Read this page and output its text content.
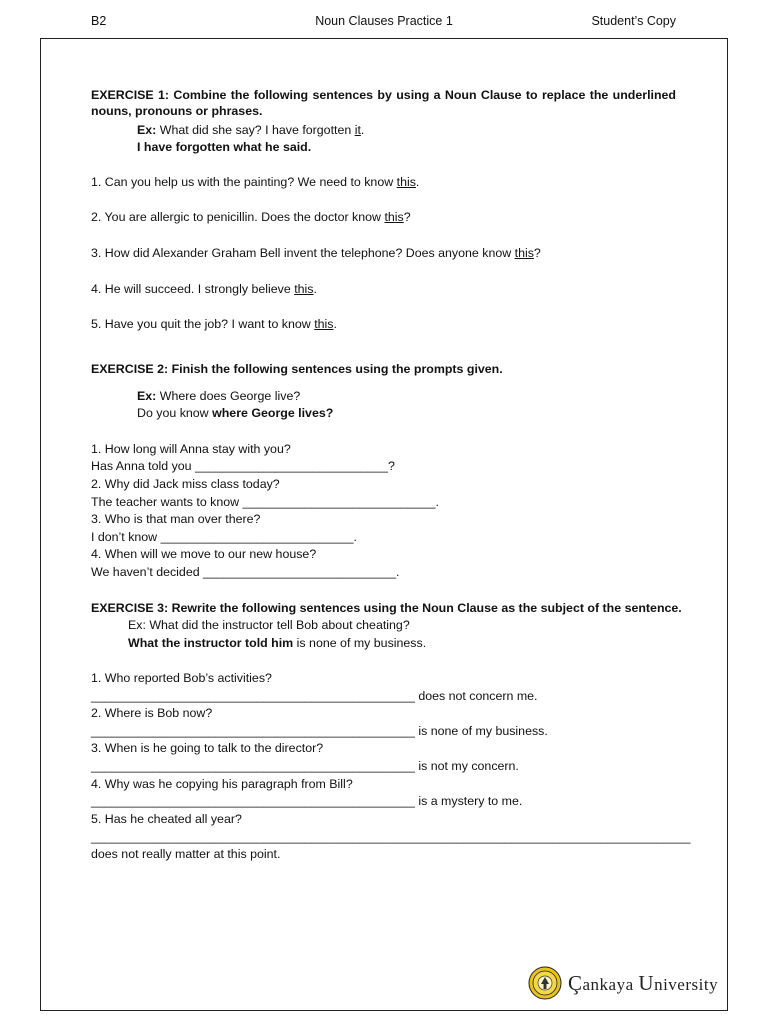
B2	Noun Clauses Practice 1	Student’s Copy
EXERCISE 1: Combine the following sentences by using a Noun Clause to replace the underlined nouns, pronouns or phrases.
Ex: What did she say? I have forgotten it.
I have forgotten what he said.
1. Can you help us with the painting? We need to know this.
2. You are allergic to penicillin. Does the doctor know this?
3. How did Alexander Graham Bell invent the telephone? Does anyone know this?
4. He will succeed. I strongly believe this.
5. Have you quit the job? I want to know this.
EXERCISE 2: Finish the following sentences using the prompts given.
Ex: Where does George live?
Do you know where George lives?
1. How long will Anna stay with you?
Has Anna told you ____________________________?
2. Why did Jack miss class today?
The teacher wants to know ____________________________.
3. Who is that man over there?
I don’t know ____________________________.
4. When will we move to our new house?
We haven’t decided ____________________________.
EXERCISE 3: Rewrite the following sentences using the Noun Clause as the subject of the sentence.
Ex: What did the instructor tell Bob about cheating?
What the instructor told him is none of my business.
1. Who reported Bob’s activities?
_______________________________________________ does not concern me.
2. Where is Bob now?
_______________________________________________ is none of my business.
3. When is he going to talk to the director?
_______________________________________________ is not my concern.
4. Why was he copying his paragraph from Bill?
_______________________________________________ is a mystery to me.
5. Has he cheated all year?
_______________________________________________________________________________________
does not really matter at this point.
Çankaya University
